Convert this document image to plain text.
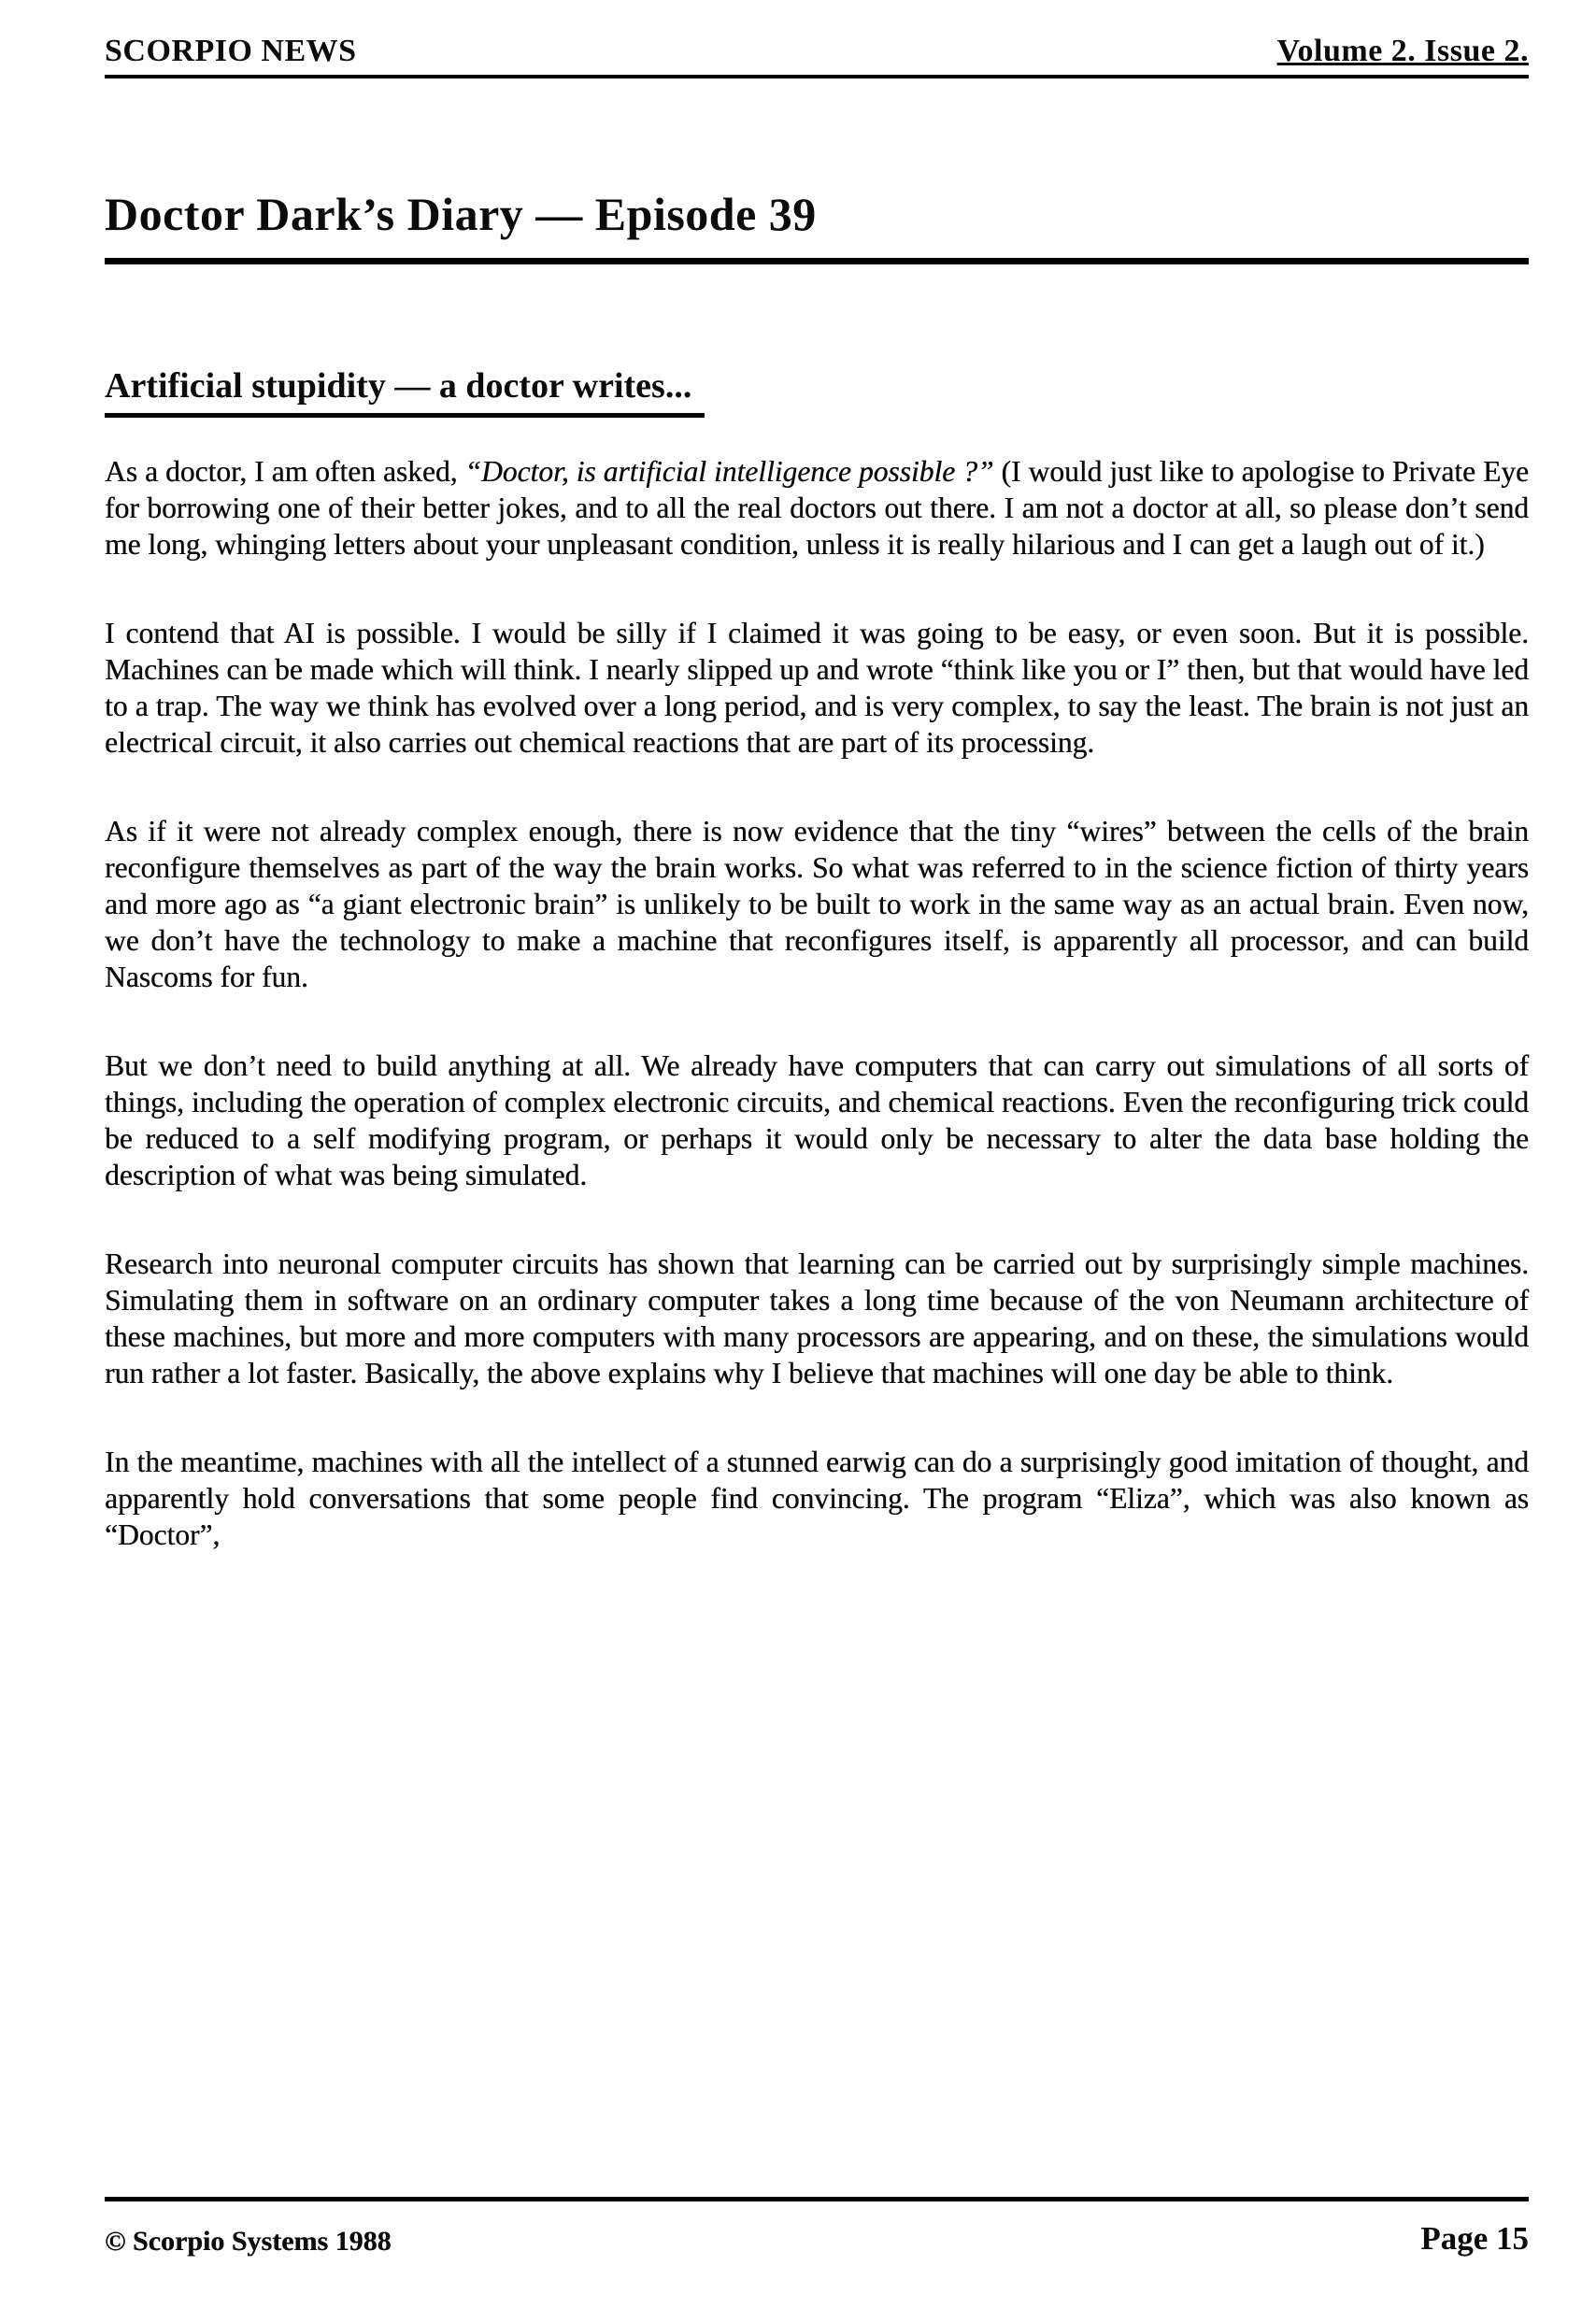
SCORPIO NEWS	Volume 2. Issue 2.
Doctor Dark’s Diary — Episode 39
Artificial stupidity — a doctor writes...

As a doctor, I am often asked, “Doctor, is artificial intelligence possible ?” (I would just like to apologise to Private Eye for borrowing one of their better jokes, and to all the real doctors out there. I am not a doctor at all, so please don’t send me long, whinging letters about your unpleasant condition, unless it is really hilarious and I can get a laugh out of it.)

I contend that AI is possible. I would be silly if I claimed it was going to be easy, or even soon. But it is possible. Machines can be made which will think. I nearly slipped up and wrote “think like you or I” then, but that would have led to a trap. The way we think has evolved over a long period, and is very complex, to say the least. The brain is not just an electrical circuit, it also carries out chemical reactions that are part of its processing.

As if it were not already complex enough, there is now evidence that the tiny “wires” between the cells of the brain reconfigure themselves as part of the way the brain works. So what was referred to in the science fiction of thirty years and more ago as “a giant electronic brain” is unlikely to be built to work in the same way as an actual brain. Even now, we don’t have the technology to make a machine that reconfigures itself, is apparently all processor, and can build Nascoms for fun.

But we don’t need to build anything at all. We already have computers that can carry out simulations of all sorts of things, including the operation of complex electronic circuits, and chemical reactions. Even the reconfiguring trick could be reduced to a self modifying program, or perhaps it would only be necessary to alter the data base holding the description of what was being simulated.

Research into neuronal computer circuits has shown that learning can be carried out by surprisingly simple machines. Simulating them in software on an ordinary computer takes a long time because of the von Neumann architecture of these machines, but more and more computers with many processors are appearing, and on these, the simulations would run rather a lot faster. Basically, the above explains why I believe that machines will one day be able to think.

In the meantime, machines with all the intellect of a stunned earwig can do a surprisingly good imitation of thought, and apparently hold conversations that some people find convincing. The program “Eliza”, which was also known as “Doctor”,

© Scorpio Systems 1988	Page 15
